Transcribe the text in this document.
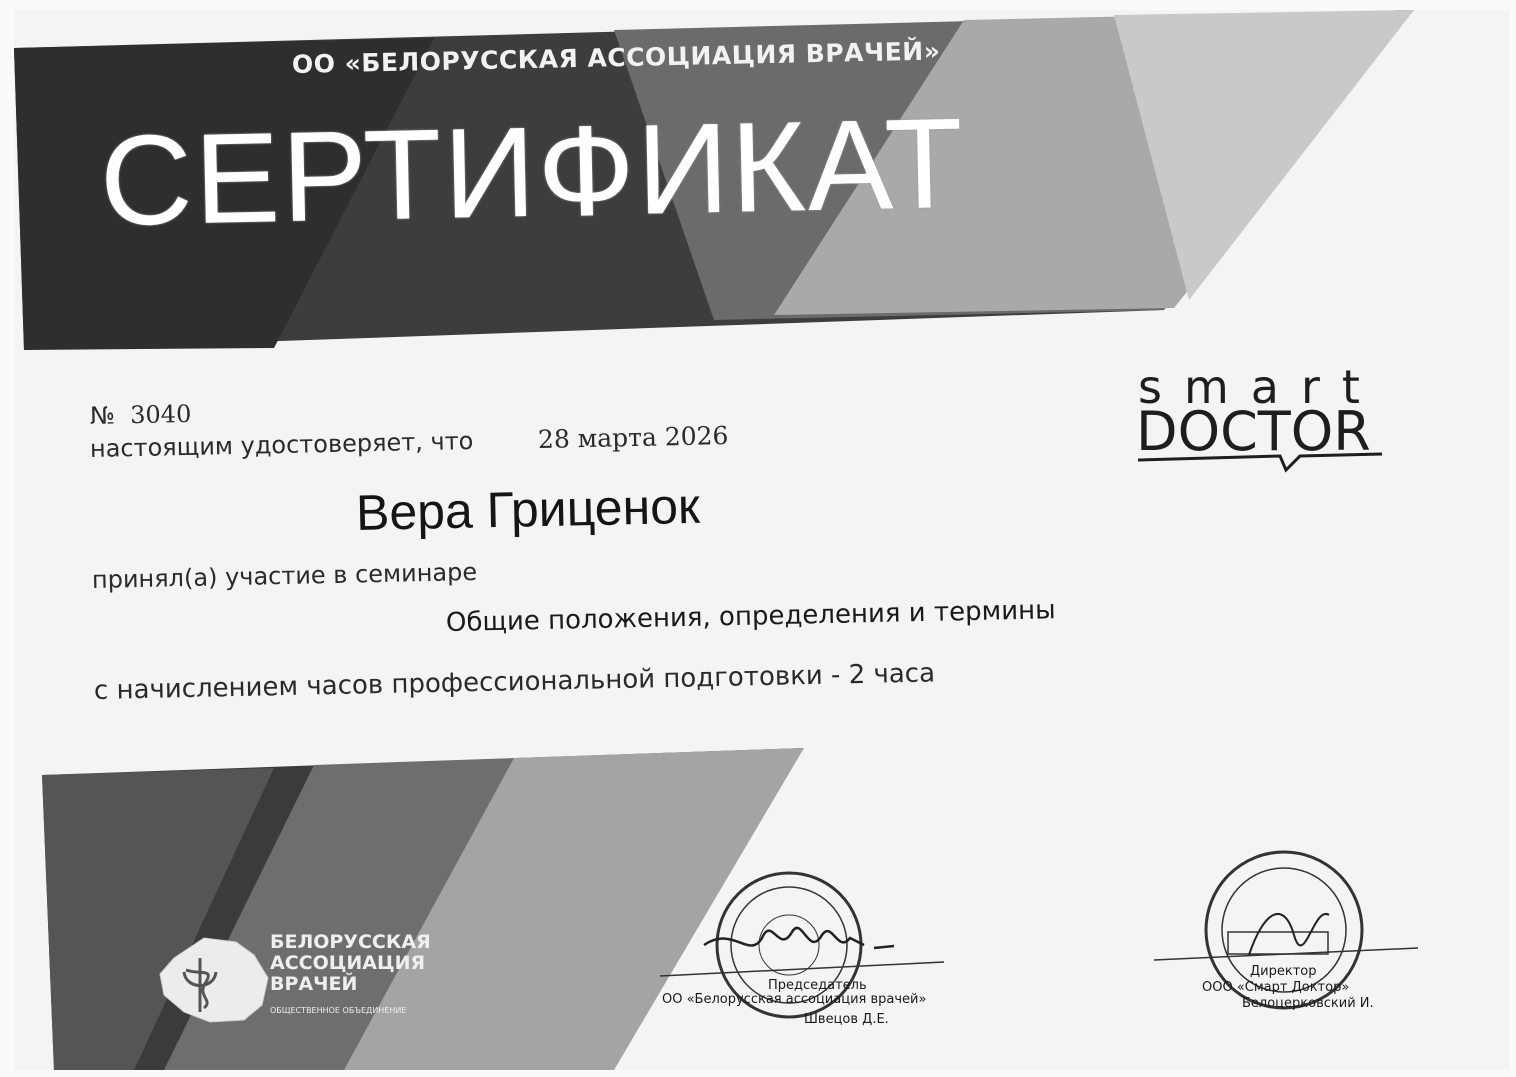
ОО «БЕЛОРУССКАЯ АССОЦИАЦИЯ ВРАЧЕЙ»
СЕРТИФИКАТ
№ 3040
настоящим удостоверяет, что	28 марта 2026
Вера Гриценок
принял(а) участие в семинаре
Общие положения, определения и термины
с начислением часов профессиональной подготовки - 2 часа
smart
DOCTOR
БЕЛОРУССКАЯ
АССОЦИАЦИЯ
ВРАЧЕЙ
ОБЩЕСТВЕННОЕ ОБЪЕДИНЕНИЕ
Председатель
ОО «Белорусская ассоциация врачей»
Швецов Д.Е.
Директор
ООО «Смарт Доктор»
Белоцерковский И.
